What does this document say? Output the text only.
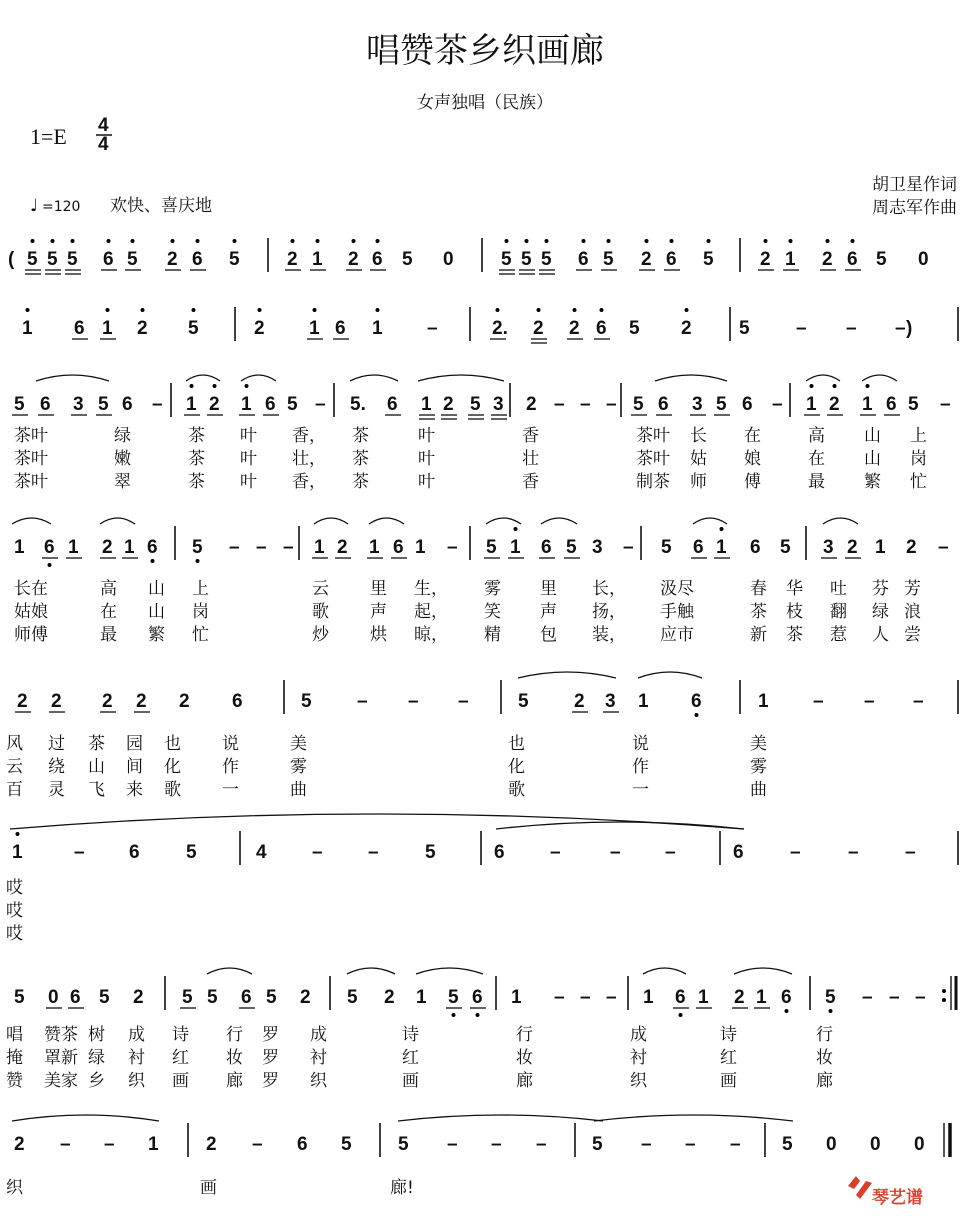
唱赞茶乡织画廊
女声独唱（民族）
1=E 4
4
♩ =120 欢快、喜庆地
胡卫星作词
周志军作曲
( 5 5 5 6 5 2 6 5 2 1 2 6 5 0 5 5 5 6 5 2 6 5 2 1 2 6 5 0
)
1 6 1 2 5	2 1 6 1 –	2. 2 2 6 5 2 5 – – –
5 6 3 5 6 – 1 2 1 6 5 – 5. 6 1 2 5 3 2 – – – 5 6 3 5 6 – 1 2 1 6 5 –
茶叶	绿	茶 叶 香， 茶	叶	香	茶叶 长 在	高 山 上
茶叶	嫩	茶 叶 壮， 茶	叶	壮	茶叶 姑 娘	在 山 岗
茶叶	翠	茶 叶 香， 茶	叶	香	制茶 师 傅	最 繁 忙
1 6 1 2 1 6 5 – – – 1 2 1 6 1 – 5 1 6 5 3 – 5 6 1 6 5 3 2 1 2 –
长在	高 山 上	云 里 生， 雾 里 长， 汲尽	春 华 吐 芬 芳
姑娘	在 山 岗	歌 声 起， 笑 声 扬， 手触	茶 枝 翻 绿 浪
师傅	最 繁 忙	炒 烘 晾， 精 包 装， 应市	新 茶 惹 人 尝
2 2 2 2 2 6	5 – – –	5 2 3 1 6	1 – – –
风 过 茶 园 也 说	美	也	说	美
云 绕 山 间 化 作	雾	化	作	雾
百 灵 飞 来 歌 一	曲	歌	一	曲
1	– 6 5	4 – – 5	6 –	– –	6 – – –
哎
哎
哎
5 0 6 5 2 5 5 6 5 2 5 2 1 5 6 1 – – – 1 6 1 2 1 6 5 – – –
唱 赞茶 树 成 诗 行 罗 成	诗	行	成	诗	行
掩 罩新 绿 衬 红 妆 罗 衬	红	妆	衬	红	妆
赞 美家 乡 织 画 廊 罗 织	画	廊	织	画	廊
2 – – 1 2 – 6 5 5 – – – 5 – – – 5 0 0 0
织	画	廊!	琴艺谱
